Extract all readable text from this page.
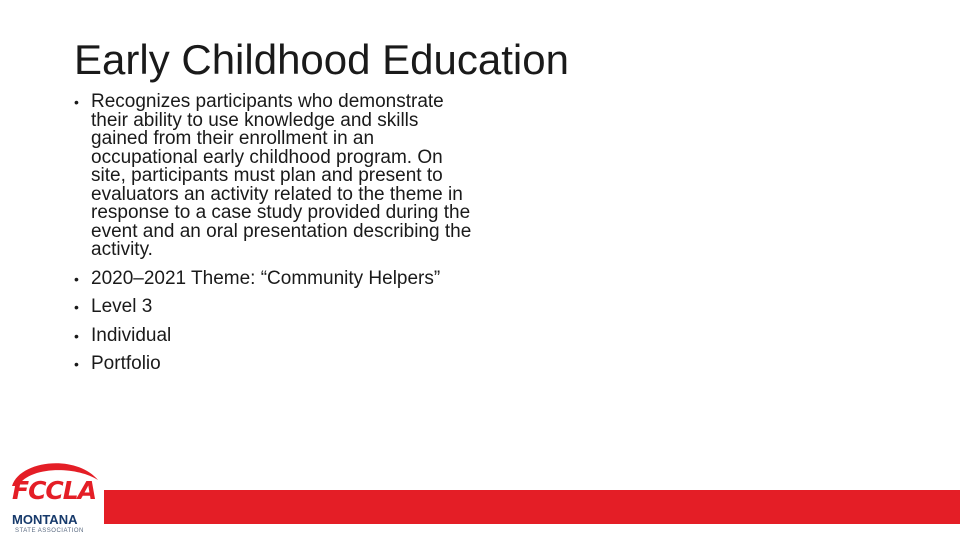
Early Childhood Education
• Recognizes participants who demonstrate their ability to use knowledge and skills gained from their enrollment in an occupational early childhood program. On site, participants must plan and present to evaluators an activity related to the theme in response to a case study provided during the event and an oral presentation describing the activity.
• 2020–2021 Theme: “Community Helpers”
• Level 3
• Individual
• Portfolio
FCCLA
MONTANA
STATE ASSOCIATION
